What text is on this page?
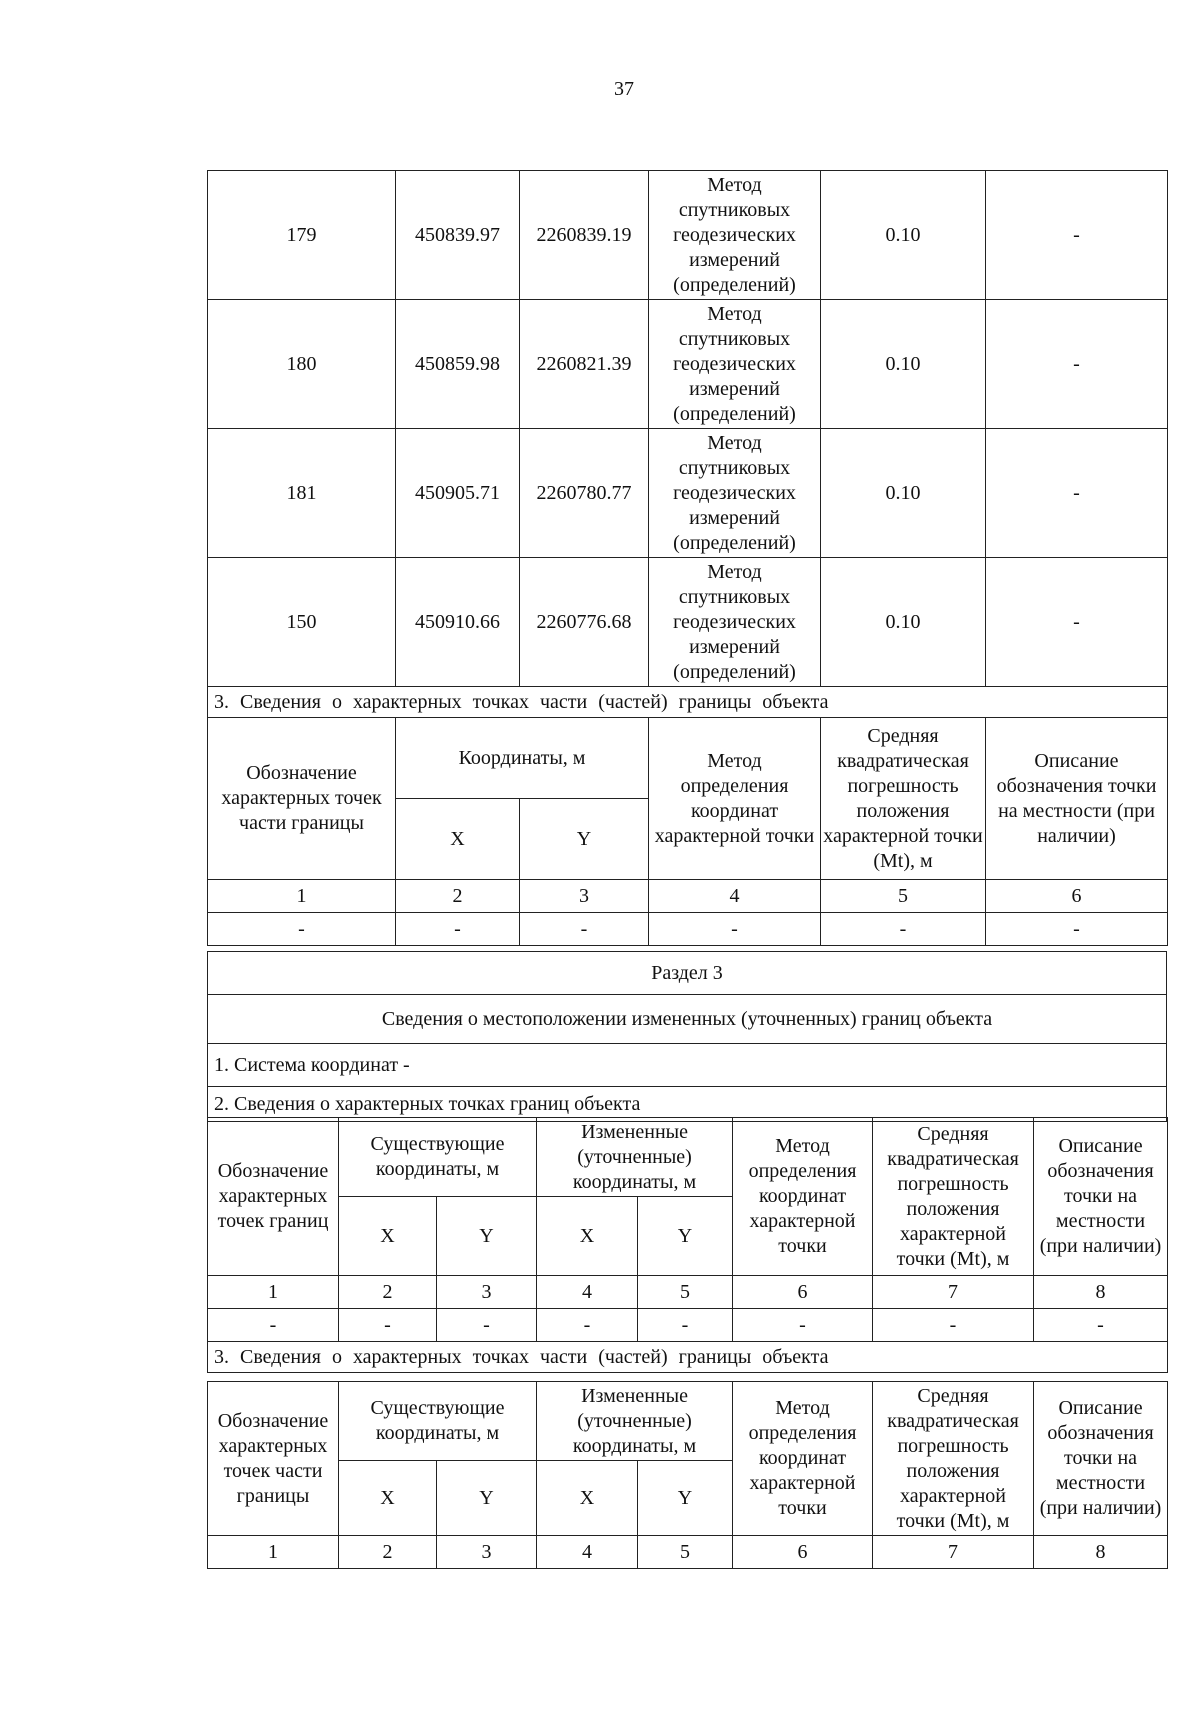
37
179	450839.97	2260839.19	Метод спутниковых геодезических измерений (определений)	0.10	-
180	450859.98	2260821.39	Метод спутниковых геодезических измерений (определений)	0.10	-
181	450905.71	2260780.77	Метод спутниковых геодезических измерений (определений)	0.10	-
150	450910.66	2260776.68	Метод спутниковых геодезических измерений (определений)	0.10	-
3. Сведения о характерных точках части (частей) границы объекта					
Обозначение характерных точек части границы	Координаты, м		Метод определения координат характерной точки	Средняя квадратическая погрешность положения характерной точки (Mt), м	Описание обозначения точки на местности (при наличии)
	X	Y			
1	2	3	4	5	6
-	-	-	-	-	-
Раздел 3
Сведения о местоположении измененных (уточненных) границ объекта
1. Система координат -
2. Сведения о характерных точках границ объекта
Обозначение характерных точек границ	Существующие координаты, м		Измененные (уточненные) координаты, м		Метод определения координат характерной точки	Средняя квадратическая погрешность положения характерной точки (Mt), м	Описание обозначения точки на местности (при наличии)
	X	Y	X	Y			
1	2	3	4	5	6	7	8
-	-	-	-	-	-	-	-
3. Сведения о характерных точках части (частей) границы объекта							
Обозначение характерных точек части границы	Существующие координаты, м		Измененные (уточненные) координаты, м		Метод определения координат характерной точки	Средняя квадратическая погрешность положения характерной точки (Mt), м	Описание обозначения точки на местности (при наличии)
	X	Y	X	Y			
1	2	3	4	5	6	7	8
